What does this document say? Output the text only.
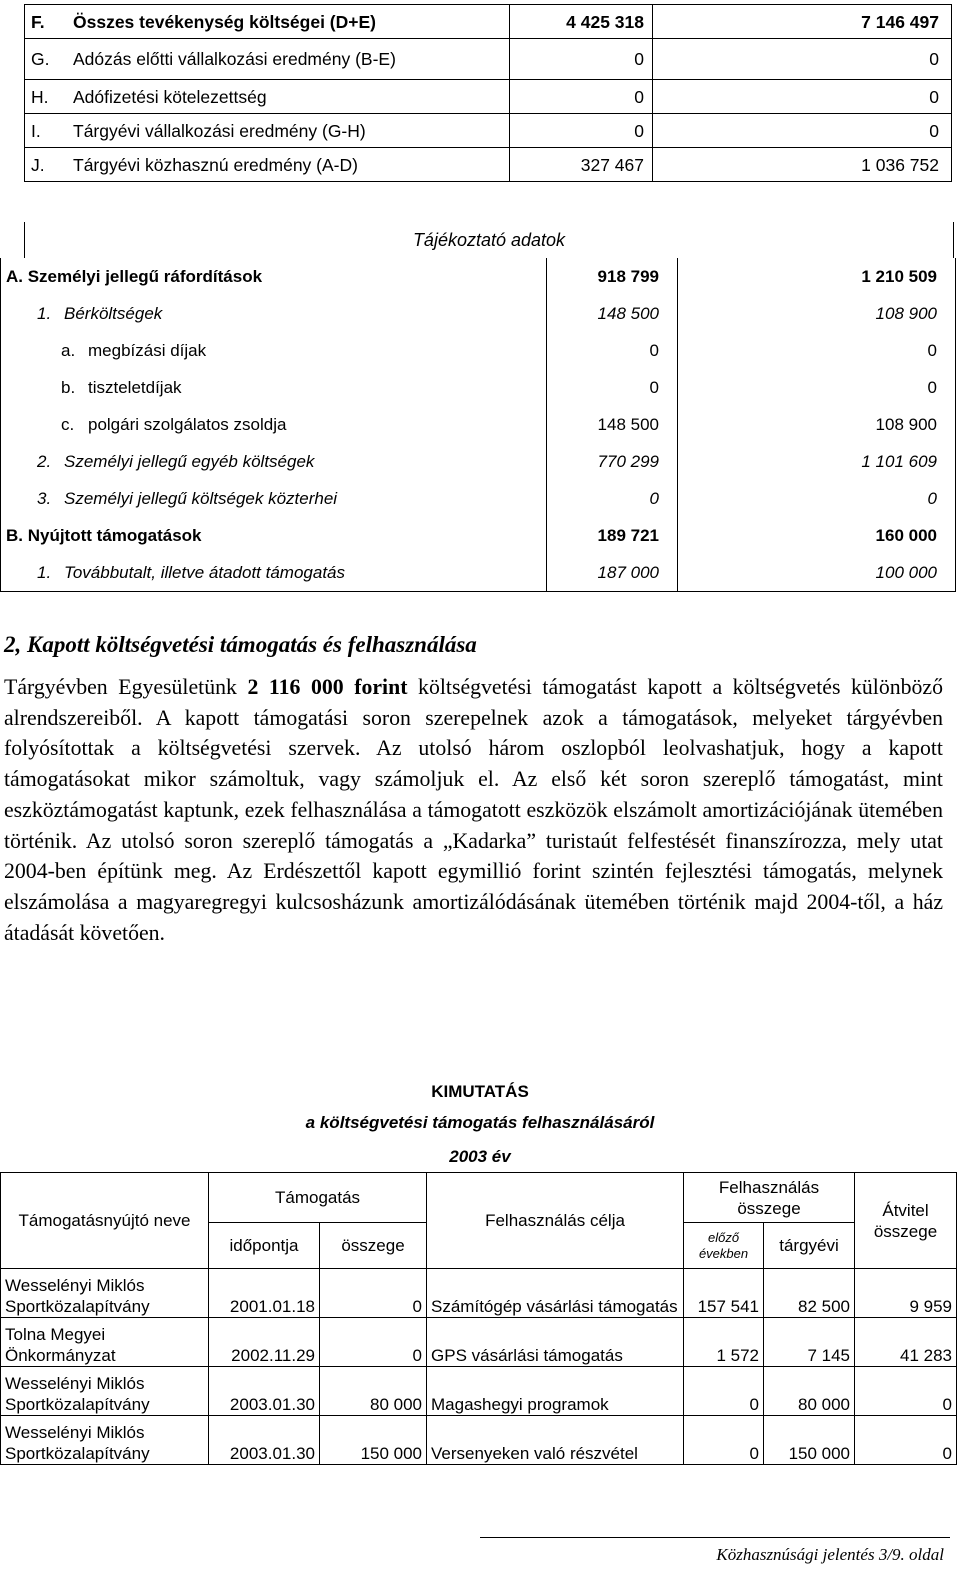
F.	Összes tevékenység költségei (D+E)	4 425 318	7 146 497
G.	Adózás előtti vállalkozási eredmény (B-E)	0	0
H.	Adófizetési kötelezettség	0	0
I.	Tárgyévi vállalkozási eredmény (G-H)	0	0
J.	Tárgyévi közhasznú eredmény (A-D)	327 467	1 036 752
Tájékoztató adatok
A. Személyi jellegű ráfordítások	918 799	1 210 509
1. Bérköltségek	148 500	108 900
a. megbízási díjak	0	0
b. tiszteletdíjak	0	0
c. polgári szolgálatos zsoldja	148 500	108 900
2. Személyi jellegű egyéb költségek	770 299	1 101 609
3. Személyi jellegű költségek közterhei	0	0
B. Nyújtott támogatások	189 721	160 000
1. Továbbutalt, illetve átadott támogatás	187 000	100 000
2, Kapott költségvetési támogatás és felhasználása
Tárgyévben Egyesületünk 2 116 000 forint költségvetési támogatást kapott a költségvetés különböző alrendszereiből. A kapott támogatási soron szerepelnek azok a támogatások, melyeket tárgyévben folyósítottak a költségvetési szervek. Az utolsó három oszlopból leolvashatjuk, hogy a kapott támogatásokat mikor számoltuk, vagy számoljuk el. Az első két soron szereplő támogatást, mint eszköztámogatást kaptunk, ezek felhasználása a támogatott eszközök elszámolt amortizációjának ütemében történik. Az utolsó soron szereplő támogatás a „Kadarka” turistaút felfestését finanszírozza, mely utat 2004-ben építünk meg. Az Erdészettől kapott egymillió forint szintén fejlesztési támogatás, melynek elszámolása a magyaregregyi kulcsosházunk amortizálódásának ütemében történik majd 2004-től, a ház átadását követően.
KIMUTATÁS
a költségvetési támogatás felhasználásáról
2003 év
Támogatásnyújtó neve	Támogatás		Felhasználás célja	Felhasználás összege		Átvitel összege
	időpontja	összege		előző években	tárgyévi	
Wesselényi Miklós Sportközalapítvány	2001.01.18	0	Számítógép vásárlási támogatás	157 541	82 500	9 959
Tolna Megyei Önkormányzat	2002.11.29	0	GPS vásárlási támogatás	1 572	7 145	41 283
Wesselényi Miklós Sportközalapítvány	2003.01.30	80 000	Magashegyi programok	0	80 000	0
Wesselényi Miklós Sportközalapítvány	2003.01.30	150 000	Versenyeken való részvétel	0	150 000	0
Közhasznúsági jelentés 3/9. oldal
